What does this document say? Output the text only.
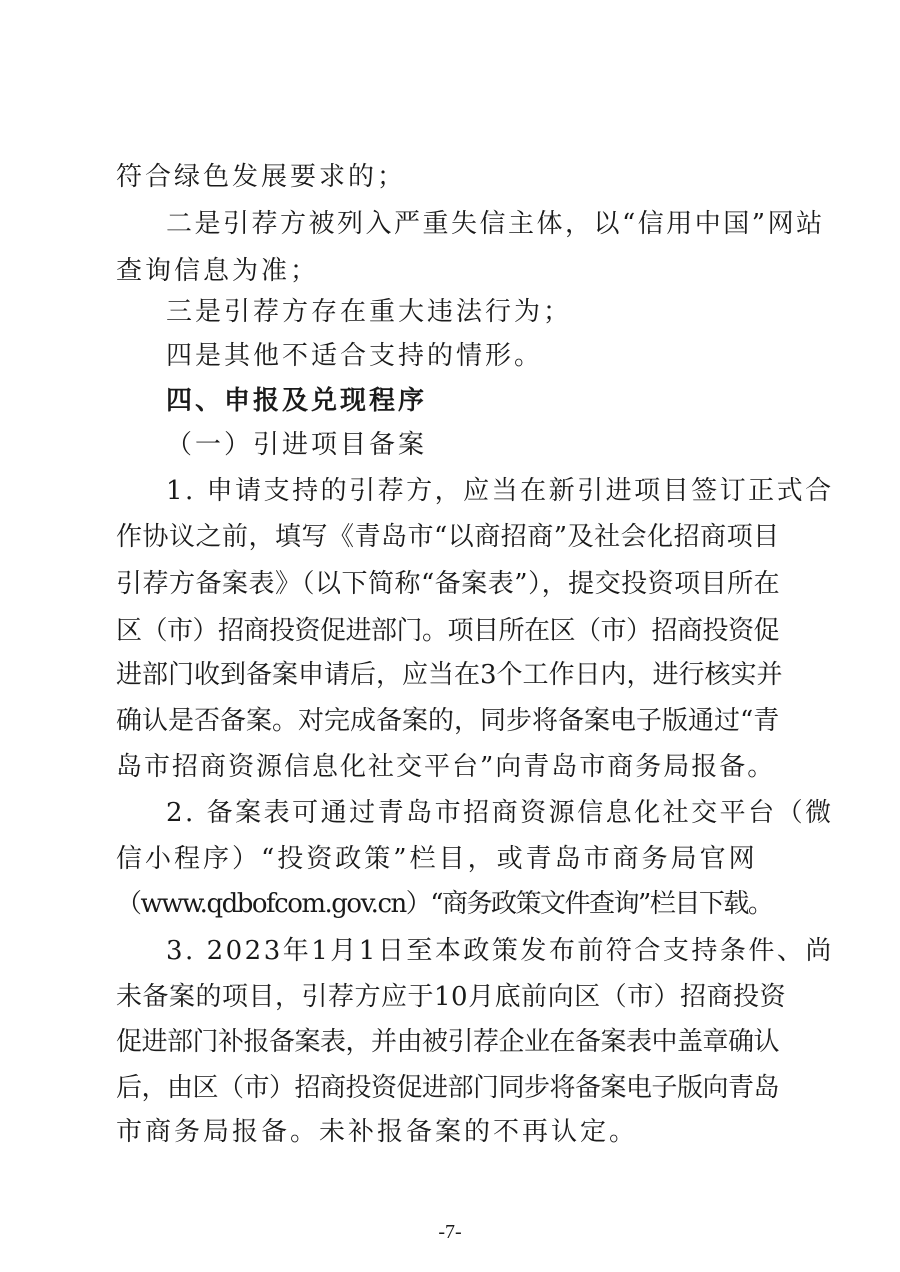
符合绿色发展要求的；
二是引荐方被列入严重失信主体，以“信用中国”网站
查询信息为准；
三是引荐方存在重大违法行为；
四是其他不适合支持的情形。
四、申报及兑现程序
（一）引进项目备案
1. 申请支持的引荐方，应当在新引进项目签订正式合
作协议之前，填写《青岛市“以商招商”及社会化招商项目
引荐方备案表》（以下简称“备案表”），提交投资项目所在
区（市）招商投资促进部门。项目所在区（市）招商投资促
进部门收到备案申请后，应当在3个工作日内，进行核实并
确认是否备案。对完成备案的，同步将备案电子版通过“青
岛市招商资源信息化社交平台”向青岛市商务局报备。
2. 备案表可通过青岛市招商资源信息化社交平台（微
信小程序）“投资政策”栏目，或青岛市商务局官网
（www.qdbofcom.gov.cn）“商务政策文件查询”栏目下载。
3. 2023年1月1日至本政策发布前符合支持条件、尚
未备案的项目，引荐方应于10月底前向区（市）招商投资
促进部门补报备案表，并由被引荐企业在备案表中盖章确认
后，由区（市）招商投资促进部门同步将备案电子版向青岛
市商务局报备。未补报备案的不再认定。
-7-
